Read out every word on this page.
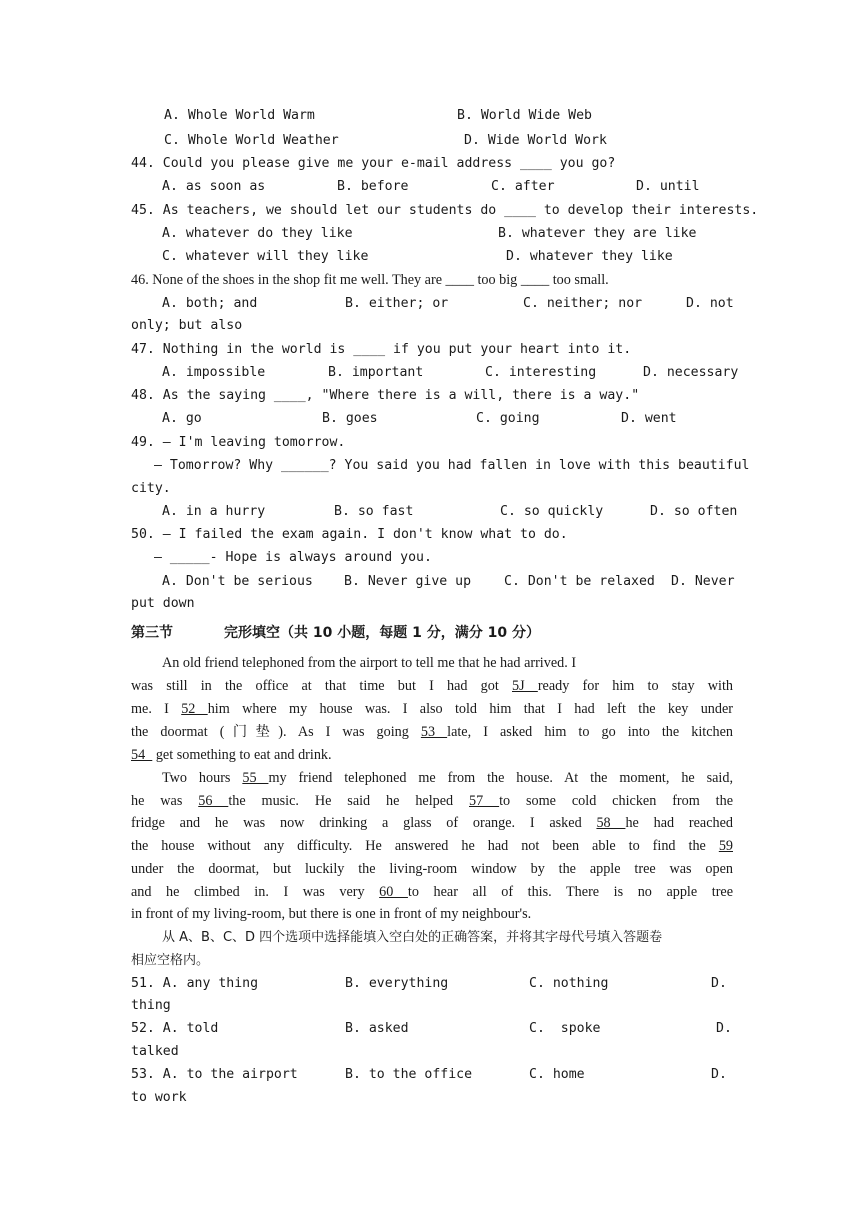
A. Whole World Warm	B. World Wide Web
C. Whole World Weather	D. Wide World Work
44. Could you please give me your e-mail address ____ you go?
A. as soon as	B. before	C. after	D. until
45. As teachers, we should let our students do ____ to develop their interests.
A. whatever do they like	B. whatever they are like
C. whatever will they like	D. whatever they like
46. None of the shoes in the shop fit me well. They are ____ too big ____ too small.
A. both; and	B. either; or	C. neither; nor	D. not
only; but also
47. Nothing in the world is ____ if you put your heart into it.
A. impossible	B. important	C. interesting	D. necessary
48. As the saying ____, "Where there is a will, there is a way."
A. go	B. goes	C. going	D. went
49. — I'm leaving tomorrow.
— Tomorrow? Why ______? You said you had fallen in love with this beautiful
city.
A. in a hurry	B. so fast	C. so quickly	D. so often
50. — I failed the exam again. I don't know what to do.
— _____- Hope is always around you.
A. Don't be serious B. Never give up C. Don't be relaxed D. Never
put down
第三节	完形填空（共 10 小题，每题 1 分，满分 10 分）
An old friend telephoned from the airport to tell me that he had arrived. I
was still in the office at that time but I had got 5J ready for him to stay with
me. I 52 him where my house was. I also told him that I had left the key under
the doormat (门垫). As I was going 53 late, I asked him to go into the kitchen
54   get something to eat and drink.
Two hours 55 my friend telephoned me from the house. At the moment, he said,
he was 56 the music. He said he helped 57 to some cold chicken from the
fridge and he was now drinking a glass of orange. I asked 58 he had reached
the house without any difficulty. He answered he had not been able to find the 59
under the doormat, but luckily the living-room window by the apple tree was open
and he climbed in. I was very 60 to hear all of this. There is no apple tree
in front of my living-room, but there is one in front of my neighbour's.
从 A、B、C、D 四个选项中选择能填入空白处的正确答案，并将其字母代号填入答题卷
相应空格内。
51. A. any thing	B. everything	C. nothing	D.
thing
52. A. told	B. asked	C.  spoke	D.
talked
53. A. to the airport	B. to the office	C. home	D.
to work
